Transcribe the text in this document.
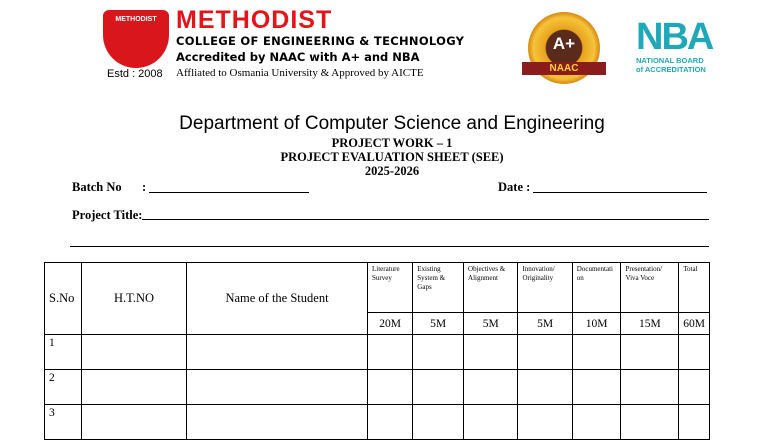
METHODIST
Estd : 2008
METHODIST
COLLEGE OF ENGINEERING & TECHNOLOGY
Accredited by NAAC with A+ and NBA
Affliated to Osmania University & Approved by AICTE
A+
NAAC
NBA
NATIONAL BOARD
of ACCREDITATION
Department of Computer Science and Engineering
PROJECT WORK – 1
PROJECT EVALUATION SHEET (SEE)
2025-2026
Batch No :	Date :
Project Title:
S.No	H.T.NO	Name of the Student	Literature Survey	Existing System & Gaps	Objectives & Alignment	Innovation/ Originality	Documentati on	Presentation/ Viva Voce	Total
			20M	5M	5M	5M	10M	15M	60M
1									
2									
3									
